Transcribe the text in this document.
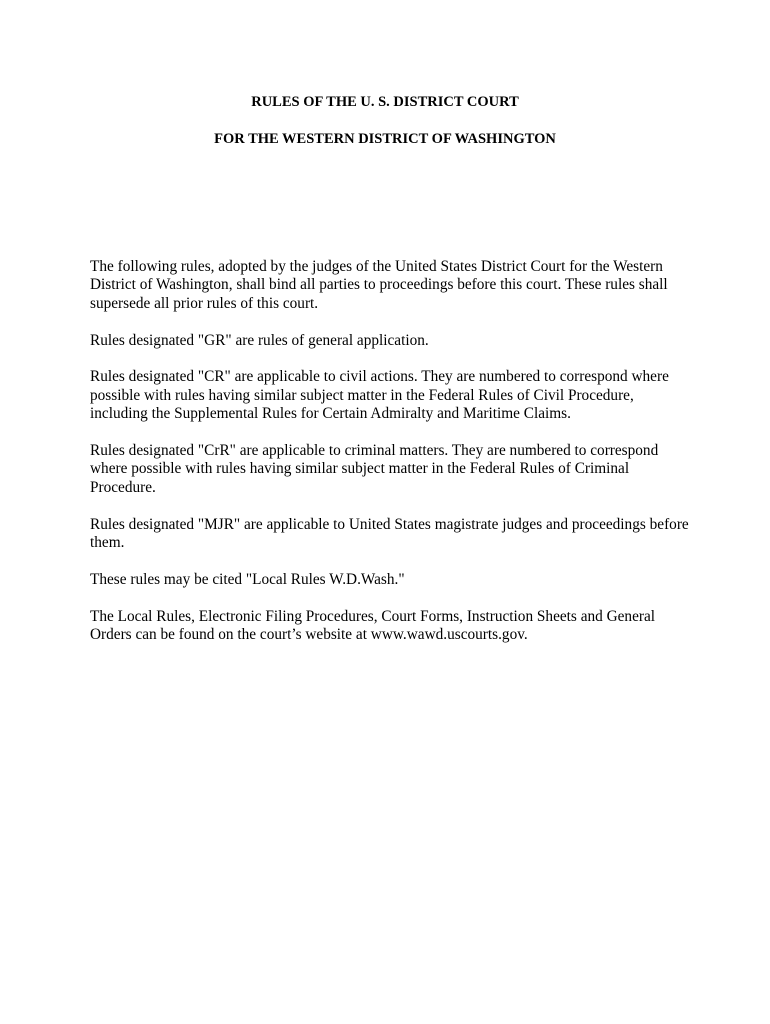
RULES OF THE U. S. DISTRICT COURT

FOR THE WESTERN DISTRICT OF WASHINGTON

The following rules, adopted by the judges of the United States District Court for the Western District of Washington, shall bind all parties to proceedings before this court. These rules shall supersede all prior rules of this court.

Rules designated "GR" are rules of general application.

Rules designated "CR" are applicable to civil actions. They are numbered to correspond where possible with rules having similar subject matter in the Federal Rules of Civil Procedure, including the Supplemental Rules for Certain Admiralty and Maritime Claims.

Rules designated "CrR" are applicable to criminal matters. They are numbered to correspond where possible with rules having similar subject matter in the Federal Rules of Criminal Procedure.

Rules designated "MJR" are applicable to United States magistrate judges and proceedings before them.

These rules may be cited "Local Rules W.D.Wash."

The Local Rules, Electronic Filing Procedures, Court Forms, Instruction Sheets and General Orders can be found on the court’s website at www.wawd.uscourts.gov.
